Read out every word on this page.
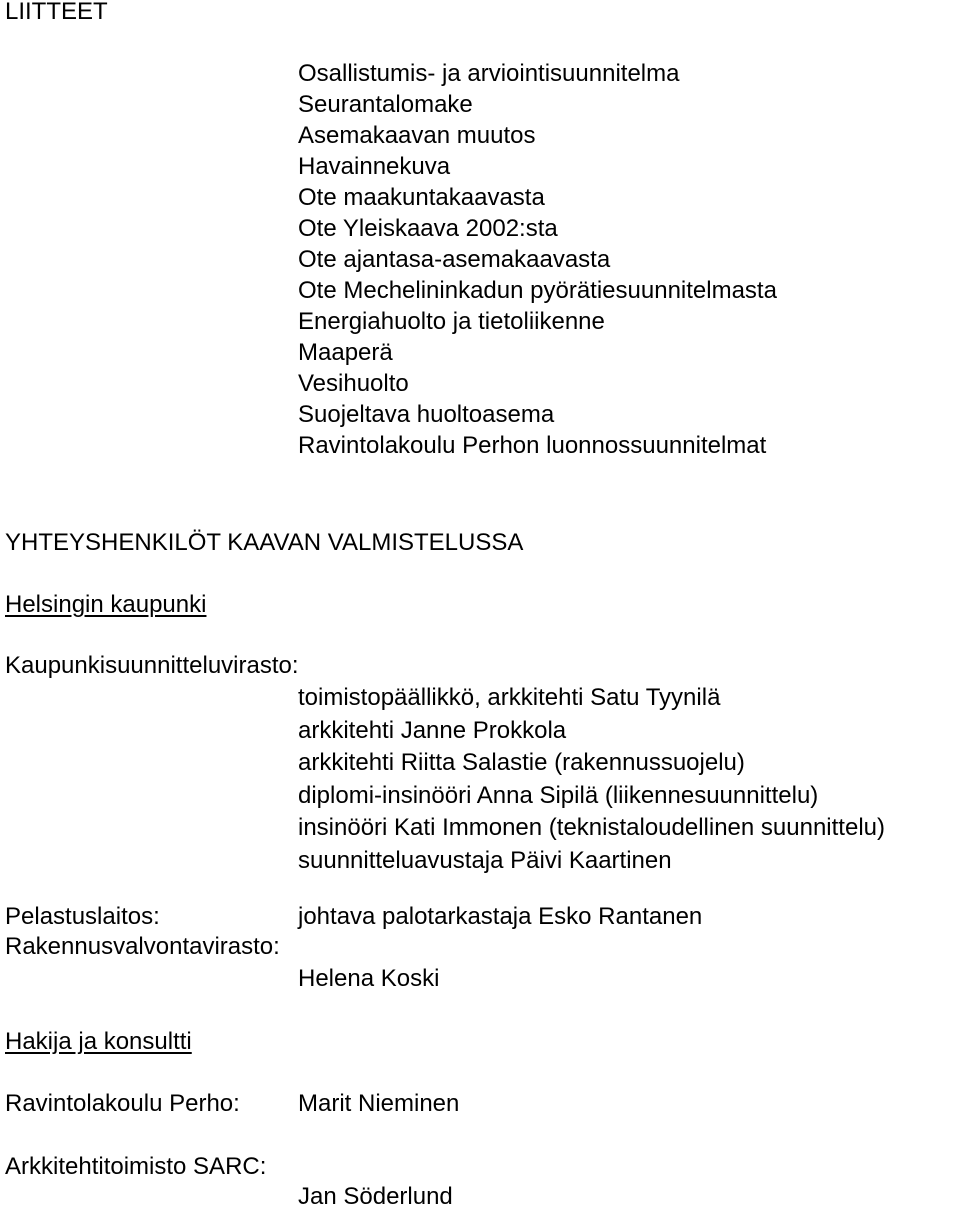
LIITTEET
Osallistumis- ja arviointisuunnitelma
Seurantalomake
Asemakaavan muutos
Havainnekuva
Ote maakuntakaavasta
Ote Yleiskaava 2002:sta
Ote ajantasa-asemakaavasta
Ote Mechelininkadun pyörätiesuunnitelmasta
Energiahuolto ja tietoliikenne
Maaperä
Vesihuolto
Suojeltava huoltoasema
Ravintolakoulu Perhon luonnossuunnitelmat
YHTEYSHENKILÖT KAAVAN VALMISTELUSSA
Helsingin kaupunki
Kaupunkisuunnitteluvirasto:
toimistopäällikkö, arkkitehti Satu Tyynilä
arkkitehti Janne Prokkola
arkkitehti Riitta Salastie (rakennussuojelu)
diplomi-insinööri Anna Sipilä (liikennesuunnittelu)
insinööri Kati Immonen (teknistaloudellinen suunnittelu)
suunnitteluavustaja Päivi Kaartinen
Pelastuslaitos:	johtava palotarkastaja Esko Rantanen
Rakennusvalvontavirasto:
Helena Koski
Hakija ja konsultti
Ravintolakoulu Perho: Marit Nieminen
Arkkitehtitoimisto SARC:
Jan Söderlund
